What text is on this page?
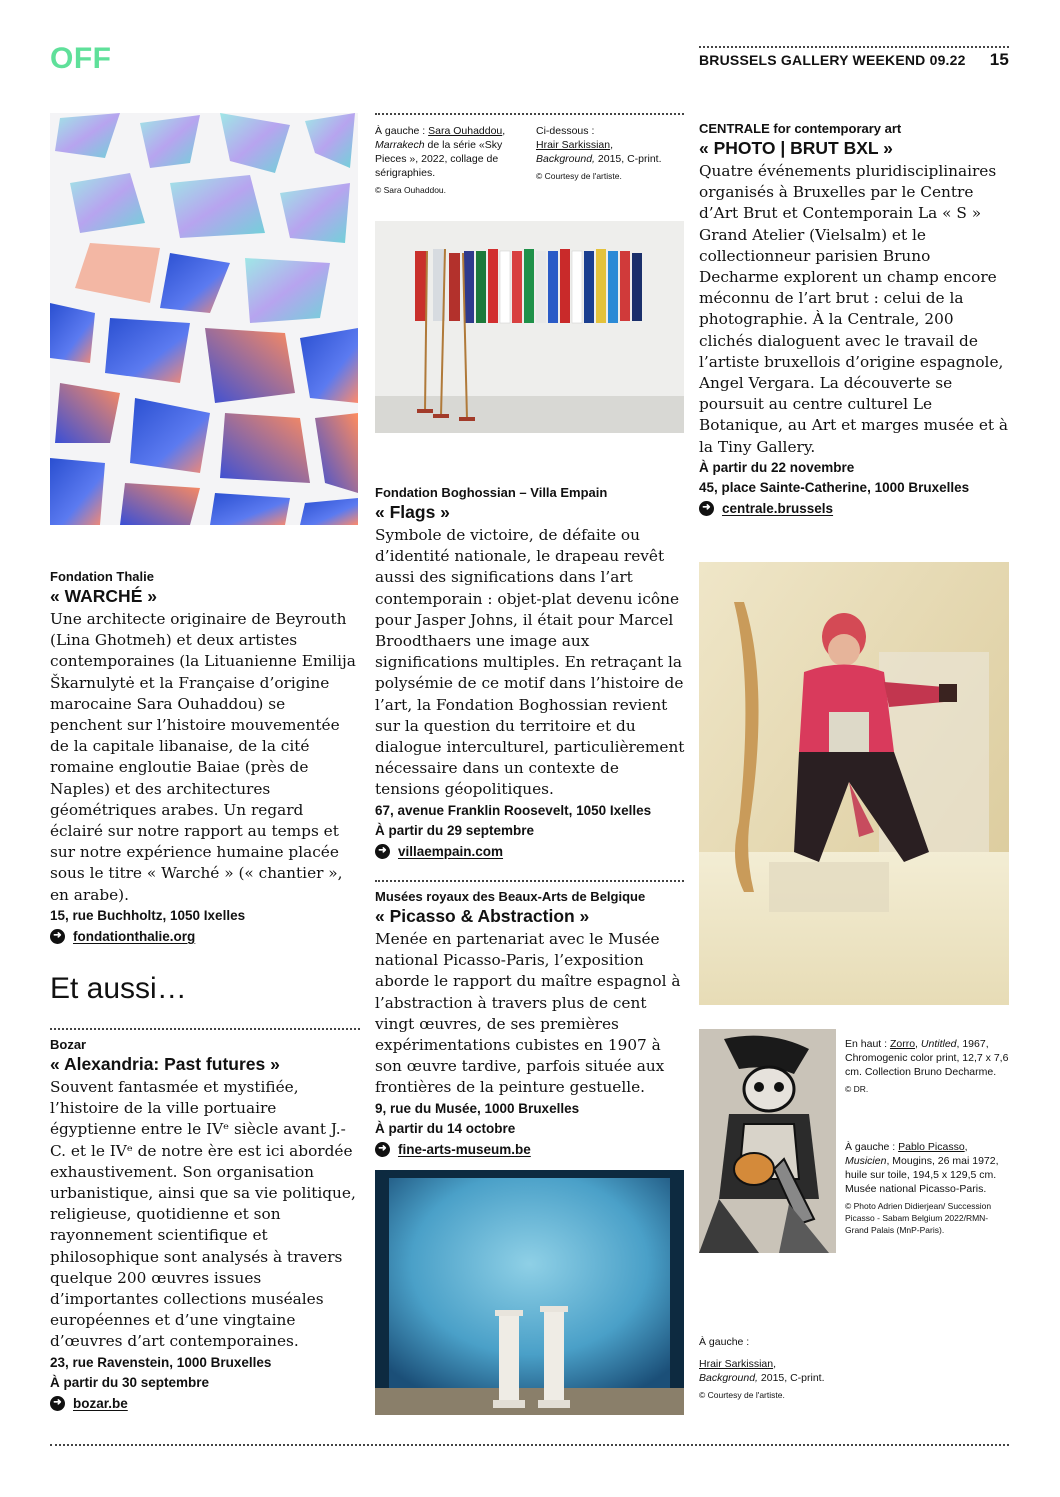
OFF	BRUSSELS GALLERY WEEKEND 09.22 15
Fondation Thalie
« WARCHÉ »
Une architecte originaire de Beyrouth (Lina Ghotmeh) et deux artistes contemporaines (la Lituanienne Emilija Škarnulytė et la Française d’origine marocaine Sara Ouhaddou) se penchent sur l’histoire mouvementée de la capitale libanaise, de la cité romaine engloutie Baiae (près de Naples) et des architectures géométriques arabes. Un regard éclairé sur notre rapport au temps et sur notre expérience humaine placée sous le titre « Warché » (« chantier », en arabe).
15, rue Buchholtz, 1050 Ixelles
➜ fondationthalie.org
Et aussi…
Bozar
« Alexandria: Past futures »
Souvent fantasmée et mystifiée, l’histoire de la ville portuaire égyptienne entre le IVᵉ siècle avant J.-C. et le IVᵉ de notre ère est ici abordée exhaustivement. Son organisation urbanistique, ainsi que sa vie politique, religieuse, quotidienne et son rayonnement scientifique et philosophique sont analysés à travers quelque 200 œuvres issues d’importantes collections muséales européennes et d’une vingtaine d’œuvres d’art contemporaines.
23, rue Ravenstein, 1000 Bruxelles
À partir du 30 septembre
➜ bozar.be
À gauche : Sara Ouhaddou, Marrakech de la série «Sky Pieces », 2022, collage de sérigraphies.
© Sara Ouhaddou.
Ci-dessous :
Hrair Sarkissian,
Background, 2015, C-print.
© Courtesy de l'artiste.
Fondation Boghossian – Villa Empain
« Flags »
Symbole de victoire, de défaite ou d’identité nationale, le drapeau revêt aussi des significations dans l’art contemporain : objet-plat devenu icône pour Jasper Johns, il était pour Marcel Broodthaers une image aux significations multiples. En retraçant la polysémie de ce motif dans l’histoire de l’art, la Fondation Boghossian revient sur la question du territoire et du dialogue interculturel, particulièrement nécessaire dans un contexte de tensions géopolitiques.
67, avenue Franklin Roosevelt, 1050 Ixelles
À partir du 29 septembre
➜ villaempain.com
Musées royaux des Beaux-Arts de Belgique
« Picasso & Abstraction »
Menée en partenariat avec le Musée national Picasso-Paris, l’exposition aborde le rapport du maître espagnol à l’abstraction à travers plus de cent vingt œuvres, de ses premières expérimentations cubistes en 1907 à son œuvre tardive, parfois située aux frontières de la peinture gestuelle.
9, rue du Musée, 1000 Bruxelles
À partir du 14 octobre
➜ fine-arts-museum.be
CENTRALE for contemporary art
« PHOTO | BRUT BXL »
Quatre événements pluridisciplinaires organisés à Bruxelles par le Centre d’Art Brut et Contemporain La « S » Grand Atelier (Vielsalm) et le collectionneur parisien Bruno Decharme explorent un champ encore méconnu de l’art brut : celui de la photographie. À la Centrale, 200 clichés dialoguent avec le travail de l’artiste bruxellois d’origine espagnole, Angel Vergara. La découverte se poursuit au centre culturel Le Botanique, au Art et marges musée et à la Tiny Gallery.
À partir du 22 novembre
45, place Sainte-Catherine, 1000 Bruxelles
➜ centrale.brussels
En haut : Zorro, Untitled, 1967, Chromogenic color print, 12,7 x 7,6 cm. Collection Bruno Decharme.
© DR.
À gauche : Pablo Picasso, Musicien, Mougins, 26 mai 1972, huile sur toile, 194,5 x 129,5 cm. Musée national Picasso-Paris.
© Photo Adrien Didierjean/ Succession Picasso - Sabam Belgium 2022/RMN-Grand Palais (MnP-Paris).
À gauche :
Hrair Sarkissian,
Background, 2015, C-print.
© Courtesy de l'artiste.
